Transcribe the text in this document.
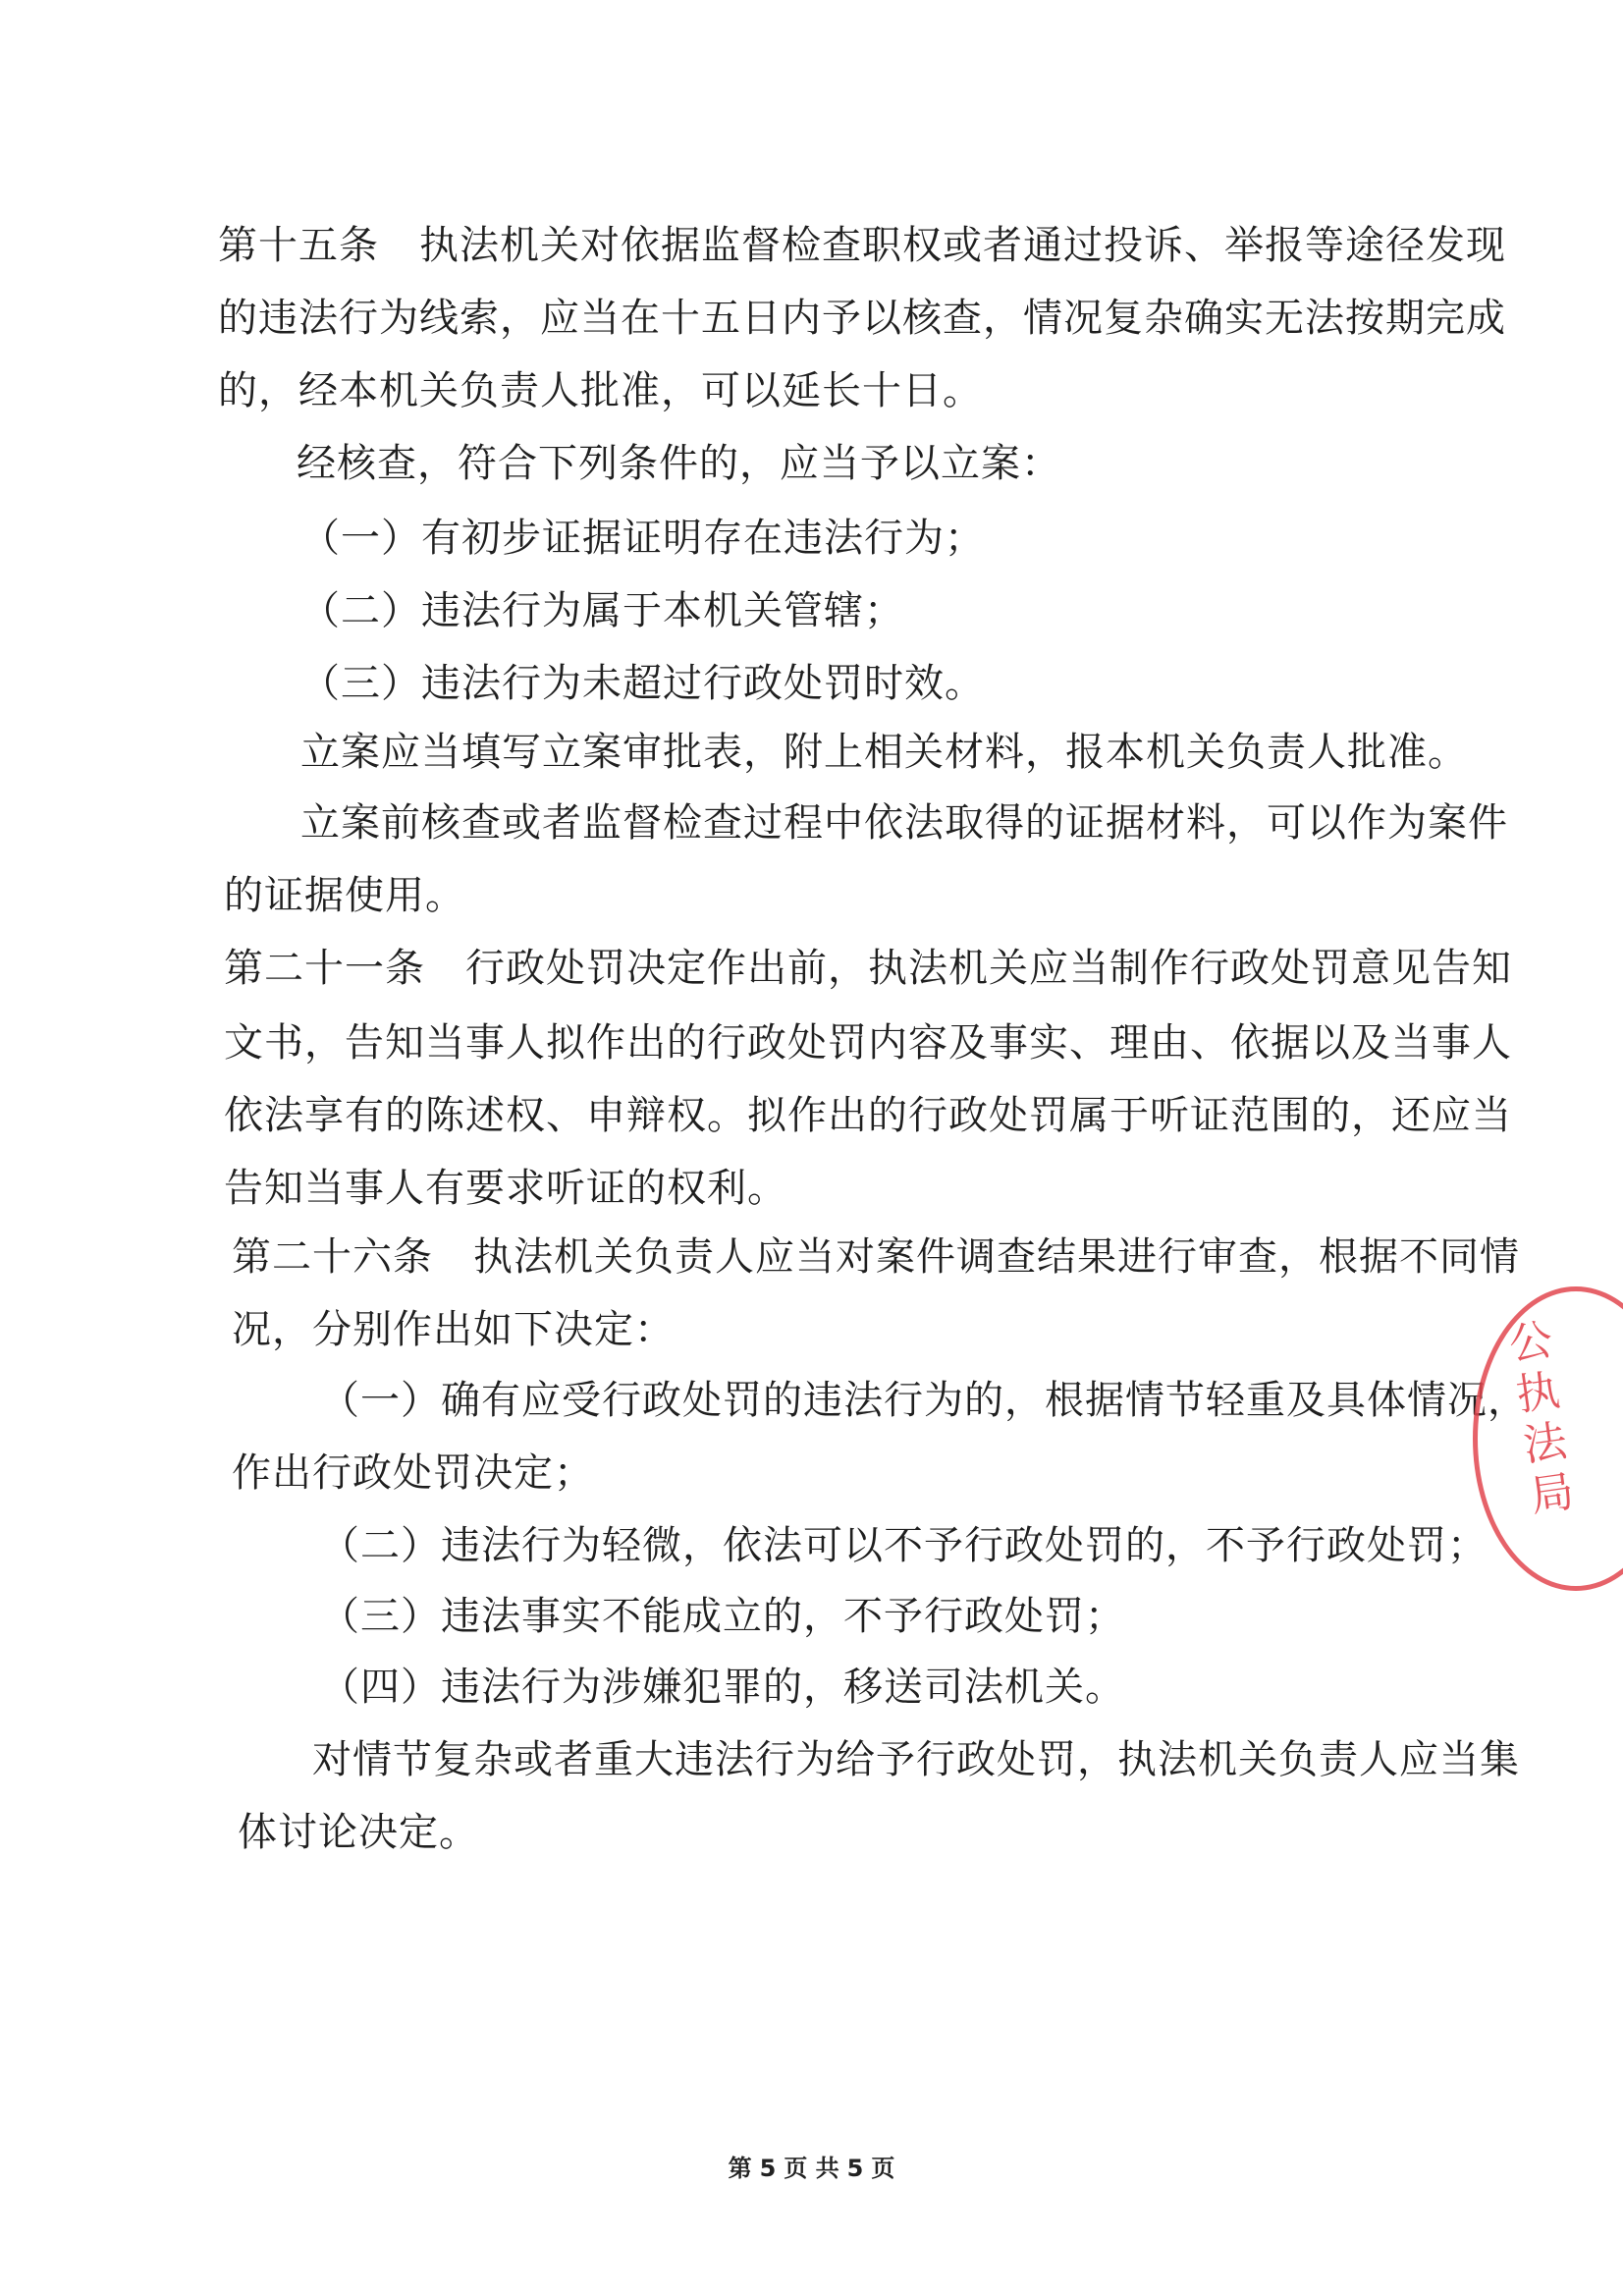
第十五条　执法机关对依据监督检查职权或者通过投诉、举报等途径发现
的违法行为线索，应当在十五日内予以核查，情况复杂确实无法按期完成
的，经本机关负责人批准，可以延长十日。
经核查，符合下列条件的，应当予以立案：
（一）有初步证据证明存在违法行为；
（二）违法行为属于本机关管辖；
（三）违法行为未超过行政处罚时效。
立案应当填写立案审批表，附上相关材料，报本机关负责人批准。
立案前核查或者监督检查过程中依法取得的证据材料，可以作为案件
的证据使用。
第二十一条　行政处罚决定作出前，执法机关应当制作行政处罚意见告知
文书，告知当事人拟作出的行政处罚内容及事实、理由、依据以及当事人
依法享有的陈述权、申辩权。拟作出的行政处罚属于听证范围的，还应当
告知当事人有要求听证的权利。
第二十六条　执法机关负责人应当对案件调查结果进行审查，根据不同情
况，分别作出如下决定：
（一）确有应受行政处罚的违法行为的，根据情节轻重及具体情况，
作出行政处罚决定；
（二）违法行为轻微，依法可以不予行政处罚的，不予行政处罚；
（三）违法事实不能成立的，不予行政处罚；
（四）违法行为涉嫌犯罪的，移送司法机关。
对情节复杂或者重大违法行为给予行政处罚，执法机关负责人应当集
体讨论决定。
公
执
法
局
第 5 页 共 5 页
